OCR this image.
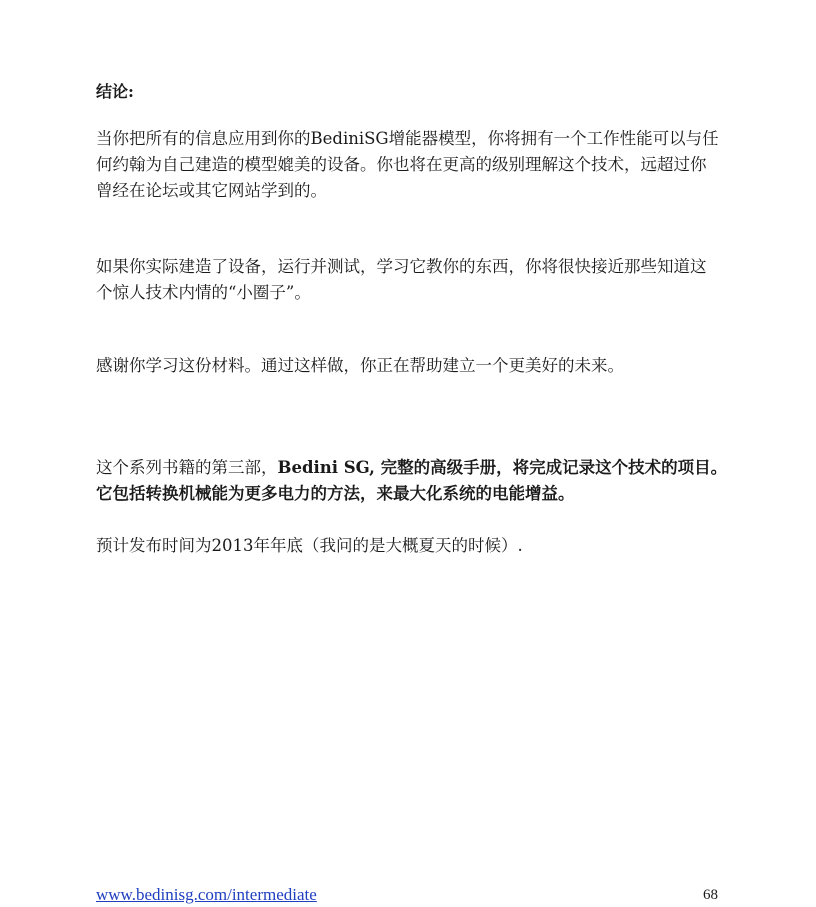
结论:

当你把所有的信息应用到你的BediniSG增能器模型，你将拥有一个工作性能可以与任
何约翰为自己建造的模型媲美的设备。你也将在更高的级别理解这个技术，远超过你
曾经在论坛或其它网站学到的。

如果你实际建造了设备，运行并测试，学习它教你的东西，你将很快接近那些知道这
个惊人技术内情的“小圈子”。

感谢你学习这份材料。通过这样做，你正在帮助建立一个更美好的未来。

这个系列书籍的第三部，Bedini SG, 完整的高级手册，将完成记录这个技术的项目。
它包括转换机械能为更多电力的方法，来最大化系统的电能增益。

预计发布时间为2013年年底（我问的是大概夏天的时候）.

www.bedinisg.com/intermediate	68
